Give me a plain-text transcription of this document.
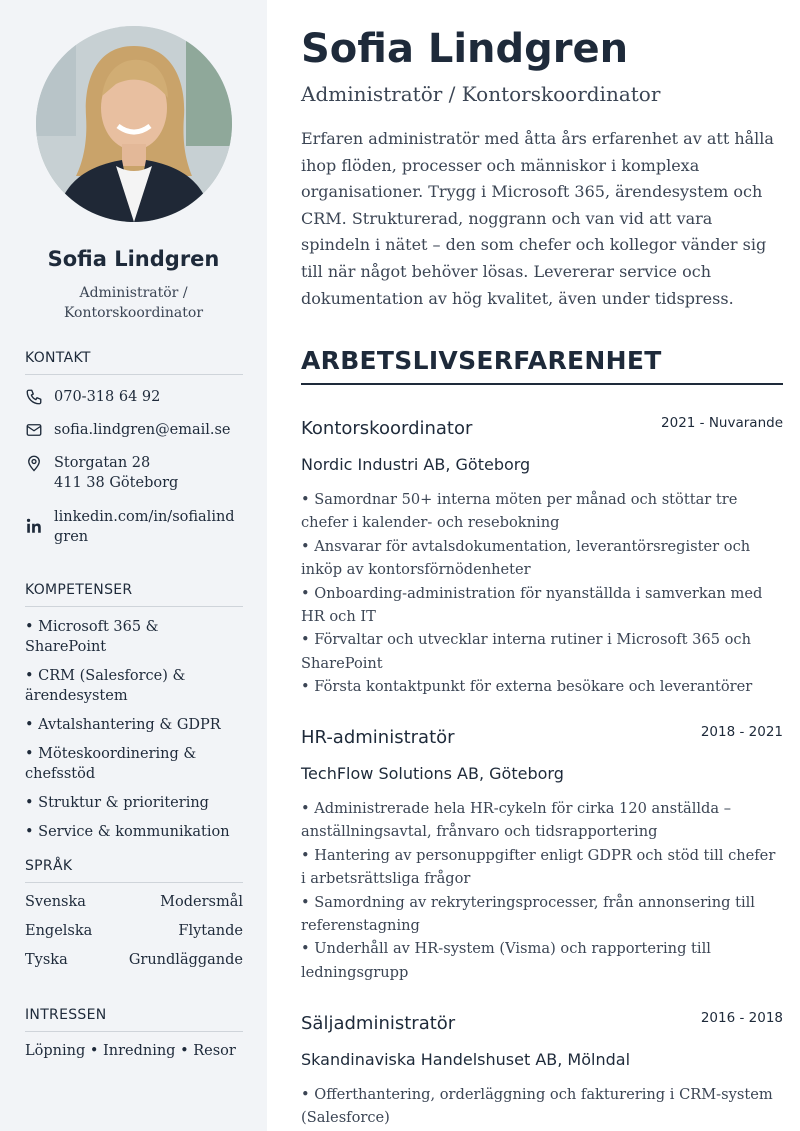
Sofia Lindgren
Administratör / Kontorskoordinator
KONTAKT
070-318 64 92
sofia.lindgren@email.se
Storgatan 28
411 38 Göteborg
linkedin.com/in/sofialindgren
KOMPETENSER
• Microsoft 365 & SharePoint
• CRM (Salesforce) & ärendesystem
• Avtalshantering & GDPR
• Möteskoordinering & chefsstöd
• Struktur & prioritering
• Service & kommunikation
SPRÅK
Svenska	Modersmål
Engelska	Flytande
Tyska	Grundläggande
INTRESSEN
Löpning • Inredning • Resor
Sofia Lindgren
Administratör / Kontorskoordinator
Erfaren administratör med åtta års erfarenhet av att hålla ihop flöden, processer och människor i komplexa organisationer. Trygg i Microsoft 365, ärendesystem och CRM. Strukturerad, noggrann och van vid att vara spindeln i nätet – den som chefer och kollegor vänder sig till när något behöver lösas. Levererar service och dokumentation av hög kvalitet, även under tidspress.
ARBETSLIVSERFARENHET
Kontorskoordinator	2021 - Nuvarande
Nordic Industri AB, Göteborg
• Samordnar 50+ interna möten per månad och stöttar tre chefer i kalender- och resebokning
• Ansvarar för avtalsdokumentation, leverantörsregister och inköp av kontorsförnödenheter
• Onboarding-administration för nyanställda i samverkan med HR och IT
• Förvaltar och utvecklar interna rutiner i Microsoft 365 och SharePoint
• Första kontaktpunkt för externa besökare och leverantörer
HR-administratör	2018 - 2021
TechFlow Solutions AB, Göteborg
• Administrerade hela HR-cykeln för cirka 120 anställda – anställningsavtal, frånvaro och tidsrapportering
• Hantering av personuppgifter enligt GDPR och stöd till chefer i arbetsrättsliga frågor
• Samordning av rekryteringsprocesser, från annonsering till referenstagning
• Underhåll av HR-system (Visma) och rapportering till ledningsgrupp
Säljadministratör	2016 - 2018
Skandinaviska Handelshuset AB, Mölndal
• Offerthantering, orderläggning och fakturering i CRM-system (Salesforce)
